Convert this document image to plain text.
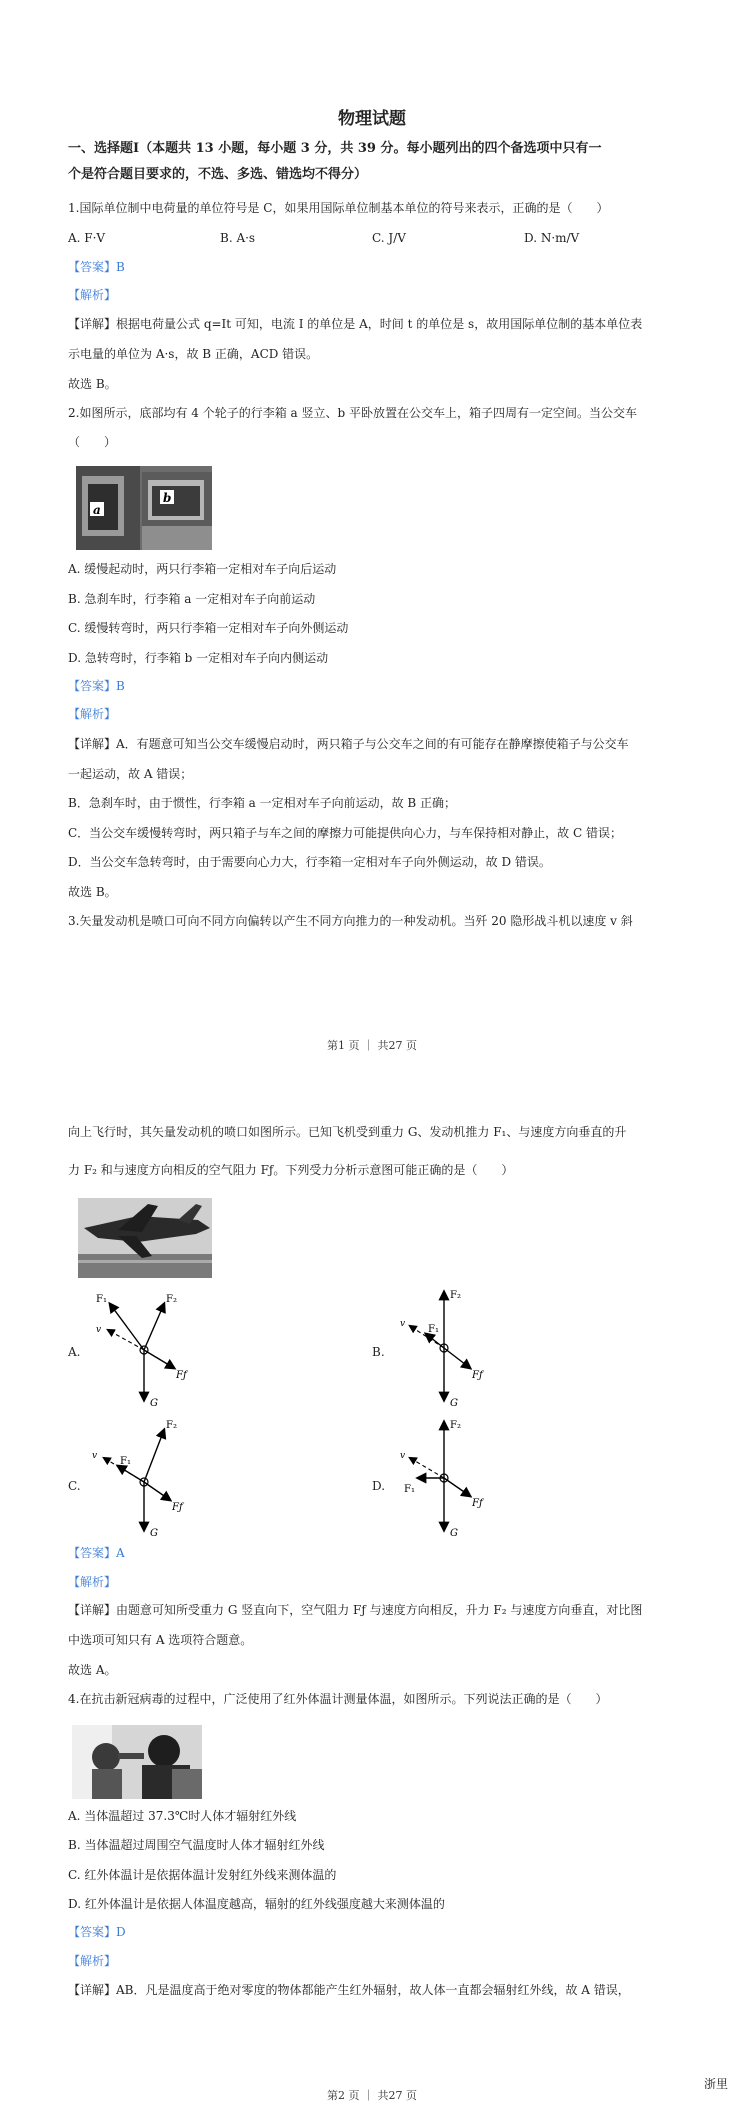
物理试题
一、选择题Ⅰ（本题共 13 小题，每小题 3 分，共 39 分。每小题列出的四个备选项中只有一
个是符合题目要求的，不选、多选、错选均不得分）
1.国际单位制中电荷量的单位符号是 C，如果用国际单位制基本单位的符号来表示，正确的是（　　）
A. F·V	B. A·s	C. J/V	D. N·m/V
【答案】B
【解析】
【详解】根据电荷量公式 q=It 可知，电流 I 的单位是 A，时间 t 的单位是 s，故用国际单位制的基本单位表
示电量的单位为 A·s，故 B 正确，ACD 错误。
故选 B。
2.如图所示，底部均有 4 个轮子的行李箱 a 竖立、b 平卧放置在公交车上，箱子四周有一定空间。当公交车
（　　）
a
b
A. 缓慢起动时，两只行李箱一定相对车子向后运动
B. 急刹车时，行李箱 a 一定相对车子向前运动
C. 缓慢转弯时，两只行李箱一定相对车子向外侧运动
D. 急转弯时，行李箱 b 一定相对车子向内侧运动
【答案】B
【解析】
【详解】A．有题意可知当公交车缓慢启动时，两只箱子与公交车之间的有可能存在静摩擦使箱子与公交车
一起运动，故 A 错误；
B．急刹车时，由于惯性，行李箱 a 一定相对车子向前运动，故 B 正确；
C．当公交车缓慢转弯时，两只箱子与车之间的摩擦力可能提供向心力，与车保持相对静止，故 C 错误；
D．当公交车急转弯时，由于需要向心力大，行李箱一定相对车子向外侧运动，故 D 错误。
故选 B。
3.矢量发动机是喷口可向不同方向偏转以产生不同方向推力的一种发动机。当歼 20 隐形战斗机以速度 v 斜
第1 页 ｜ 共27 页
向上飞行时，其矢量发动机的喷口如图所示。已知飞机受到重力 G、发动机推力 F₁、与速度方向垂直的升
力 F₂ 和与速度方向相反的空气阻力 Fƒ。下列受力分析示意图可能正确的是（　　）
A.	B.
C.	D.
F₁	F₂
Fƒ
G
v
F₂
F₁
Fƒ
G
v
F₂
F₁
Fƒ
G
v
F₂
F₁
Fƒ
G
v
【答案】A
【解析】
【详解】由题意可知所受重力 G 竖直向下，空气阻力 Fƒ 与速度方向相反，升力 F₂ 与速度方向垂直，对比图
中选项可知只有 A 选项符合题意。
故选 A。
4.在抗击新冠病毒的过程中，广泛使用了红外体温计测量体温，如图所示。下列说法正确的是（　　）
A. 当体温超过 37.3℃时人体才辐射红外线
B. 当体温超过周围空气温度时人体才辐射红外线
C. 红外体温计是依据体温计发射红外线来测体温的
D. 红外体温计是依据人体温度越高，辐射的红外线强度越大来测体温的
【答案】D
【解析】
【详解】AB．凡是温度高于绝对零度的物体都能产生红外辐射，故人体一直都会辐射红外线，故 A 错误，
浙里
第2 页 ｜ 共27 页
